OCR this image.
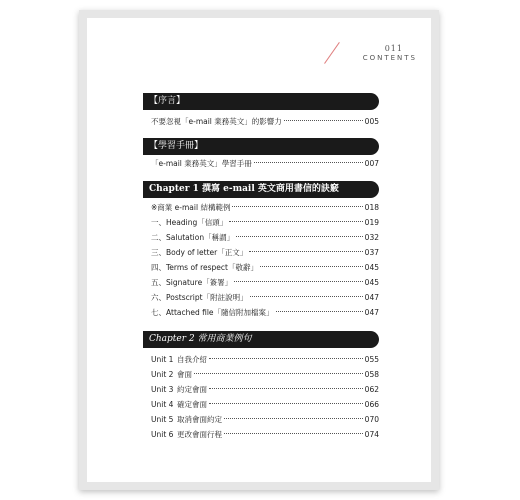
011
CONTENTS
【序言】
不要忽視「e-mail 業務英文」的影響力	005
【學習手冊】
「e-mail 業務英文」學習手冊	007
Chapter 1 撰寫 e-mail 英文商用書信的訣竅
※商業 e-mail 結構範例	018
一、Heading「信頭」	019
二、Salutation「稱謂」	032
三、Body of letter「正文」	037
四、Terms of respect「敬辭」	045
五、Signature「簽署」	045
六、Postscript「附註說明」	047
七、Attached file「隨信附加檔案」	047
Chapter 2 常用商業例句
Unit 1 自我介紹	055
Unit 2 會面	058
Unit 3 約定會面	062
Unit 4 確定會面	066
Unit 5 取消會面約定	070
Unit 6 更改會面行程	074
